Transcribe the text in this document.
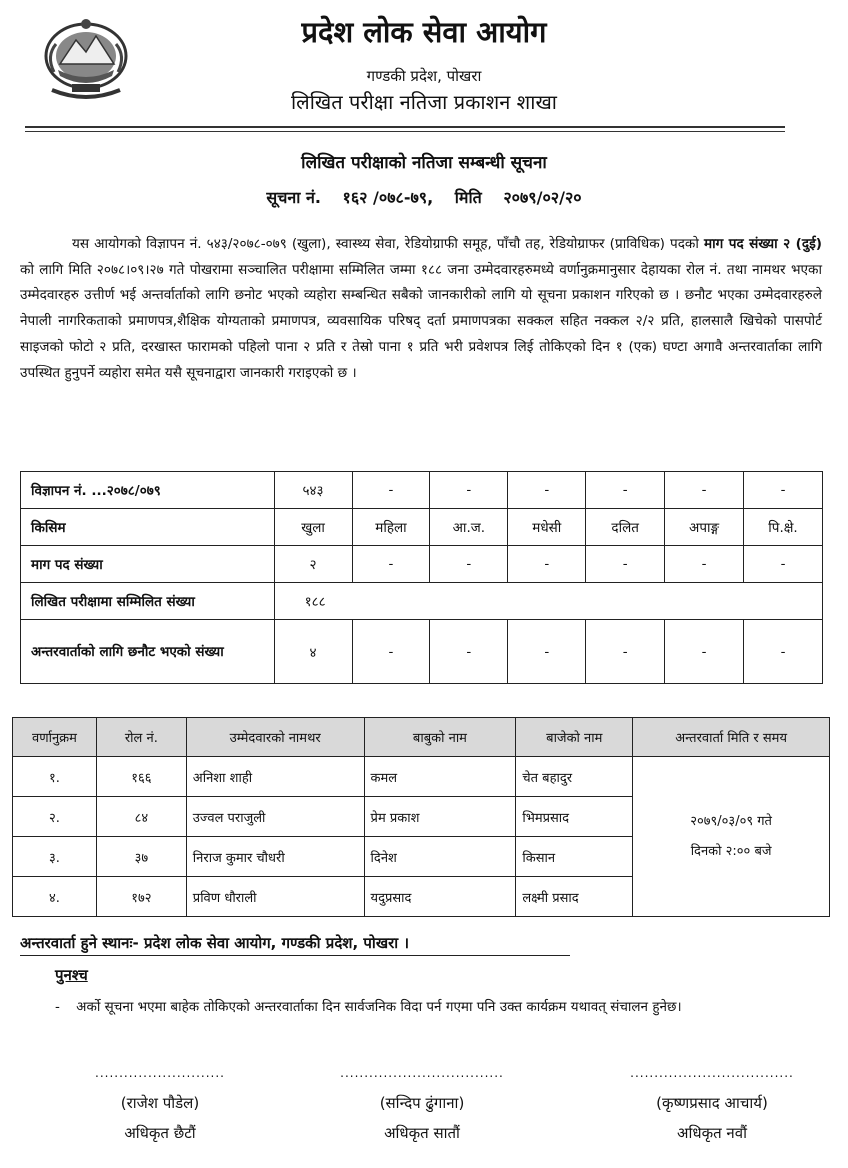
प्रदेश लोक सेवा आयोग
गण्डकी प्रदेश, पोखरा
लिखित परीक्षा नतिजा प्रकाशन शाखा
लिखित परीक्षाको नतिजा सम्बन्धी सूचना
सूचना नं. १६२ /०७८-७९, मिति २०७९/०२/२०

यस आयोगको विज्ञापन नं. ५४३/२०७८-०७९ (खुला), स्वास्थ्य सेवा, रेडियोग्राफी समूह, पाँचौ तह, रेडियोग्राफर (प्राविधिक) पदको माग पद संख्या २ (दुई) को लागि मिति २०७८।०९।२७ गते पोखरामा सञ्चालित परीक्षामा सम्मिलित जम्मा १८८ जना उम्मेदवारहरुमध्ये वर्णानुक्रमानुसार देहायका रोल नं. तथा नामथर भएका उम्मेदवारहरु उत्तीर्ण भई अन्तर्वार्ताको लागि छनोट भएको व्यहोरा सम्बन्धित सबैको जानकारीको लागि यो सूचना प्रकाशन गरिएको छ । छनौट भएका उम्मेदवारहरुले नेपाली नागरिकताको प्रमाणपत्र,शैक्षिक योग्यताको प्रमाणपत्र, व्यवसायिक परिषद् दर्ता प्रमाणपत्रका सक्कल सहित नक्कल २/२ प्रति, हालसालै खिचेको पासपोर्ट साइजको फोटो २ प्रति, दरखास्त फारामको पहिलो पाना २ प्रति र तेस्रो पाना १ प्रति भरी प्रवेशपत्र लिई तोकिएको दिन १ (एक) घण्टा अगावै अन्तरवार्ताका लागि उपस्थित हुनुपर्ने व्यहोरा समेत यसै सूचनाद्वारा जानकारी गराइएको छ ।

विज्ञापन नं. ...२०७८/०७९	५४३	-	-	-	-	-	-
किसिम	खुला	महिला	आ.ज.	मधेसी	दलित	अपाङ्ग	पि.क्षे.
माग पद संख्या	२	-	-	-	-	-	-
लिखित परीक्षामा सम्मिलित संख्या	१८८						
अन्तरवार्ताको लागि छनौट भएको संख्या	४	-	-	-	-	-	-
वर्णानुक्रम	रोल नं.	उम्मेदवारको नामथर	बाबुको नाम	बाजेको नाम	अन्तरवार्ता मिति र समय
१.	१६६	अनिशा शाही	कमल	चेत बहादुर	२०७९/०३/०९ गते
दिनको २:०० बजे

२.	८४	उज्वल पराजुली	प्रेम प्रकाश	भिमप्रसाद	
३.	३७	निराज कुमार चौधरी	दिनेश	किसान	
४.	१७२	प्रविण धौराली	यदुप्रसाद	लक्ष्मी प्रसाद	
अन्तरवार्ता हुने स्थानः- प्रदेश लोक सेवा आयोग, गण्डकी प्रदेश, पोखरा ।
पुनश्च
- अर्को सूचना भएमा बाहेक तोकिएको अन्तरवार्ताका दिन सार्वजनिक विदा पर्न गएमा पनि उक्त कार्यक्रम यथावत् संचालन हुनेछ।
...........................
(राजेश पौडेल)
अधिकृत छैटौं
..................................
(सन्दिप ढुंगाना)
अधिकृत सातौं
..................................
(कृष्णप्रसाद आचार्य)
अधिकृत नवौं
